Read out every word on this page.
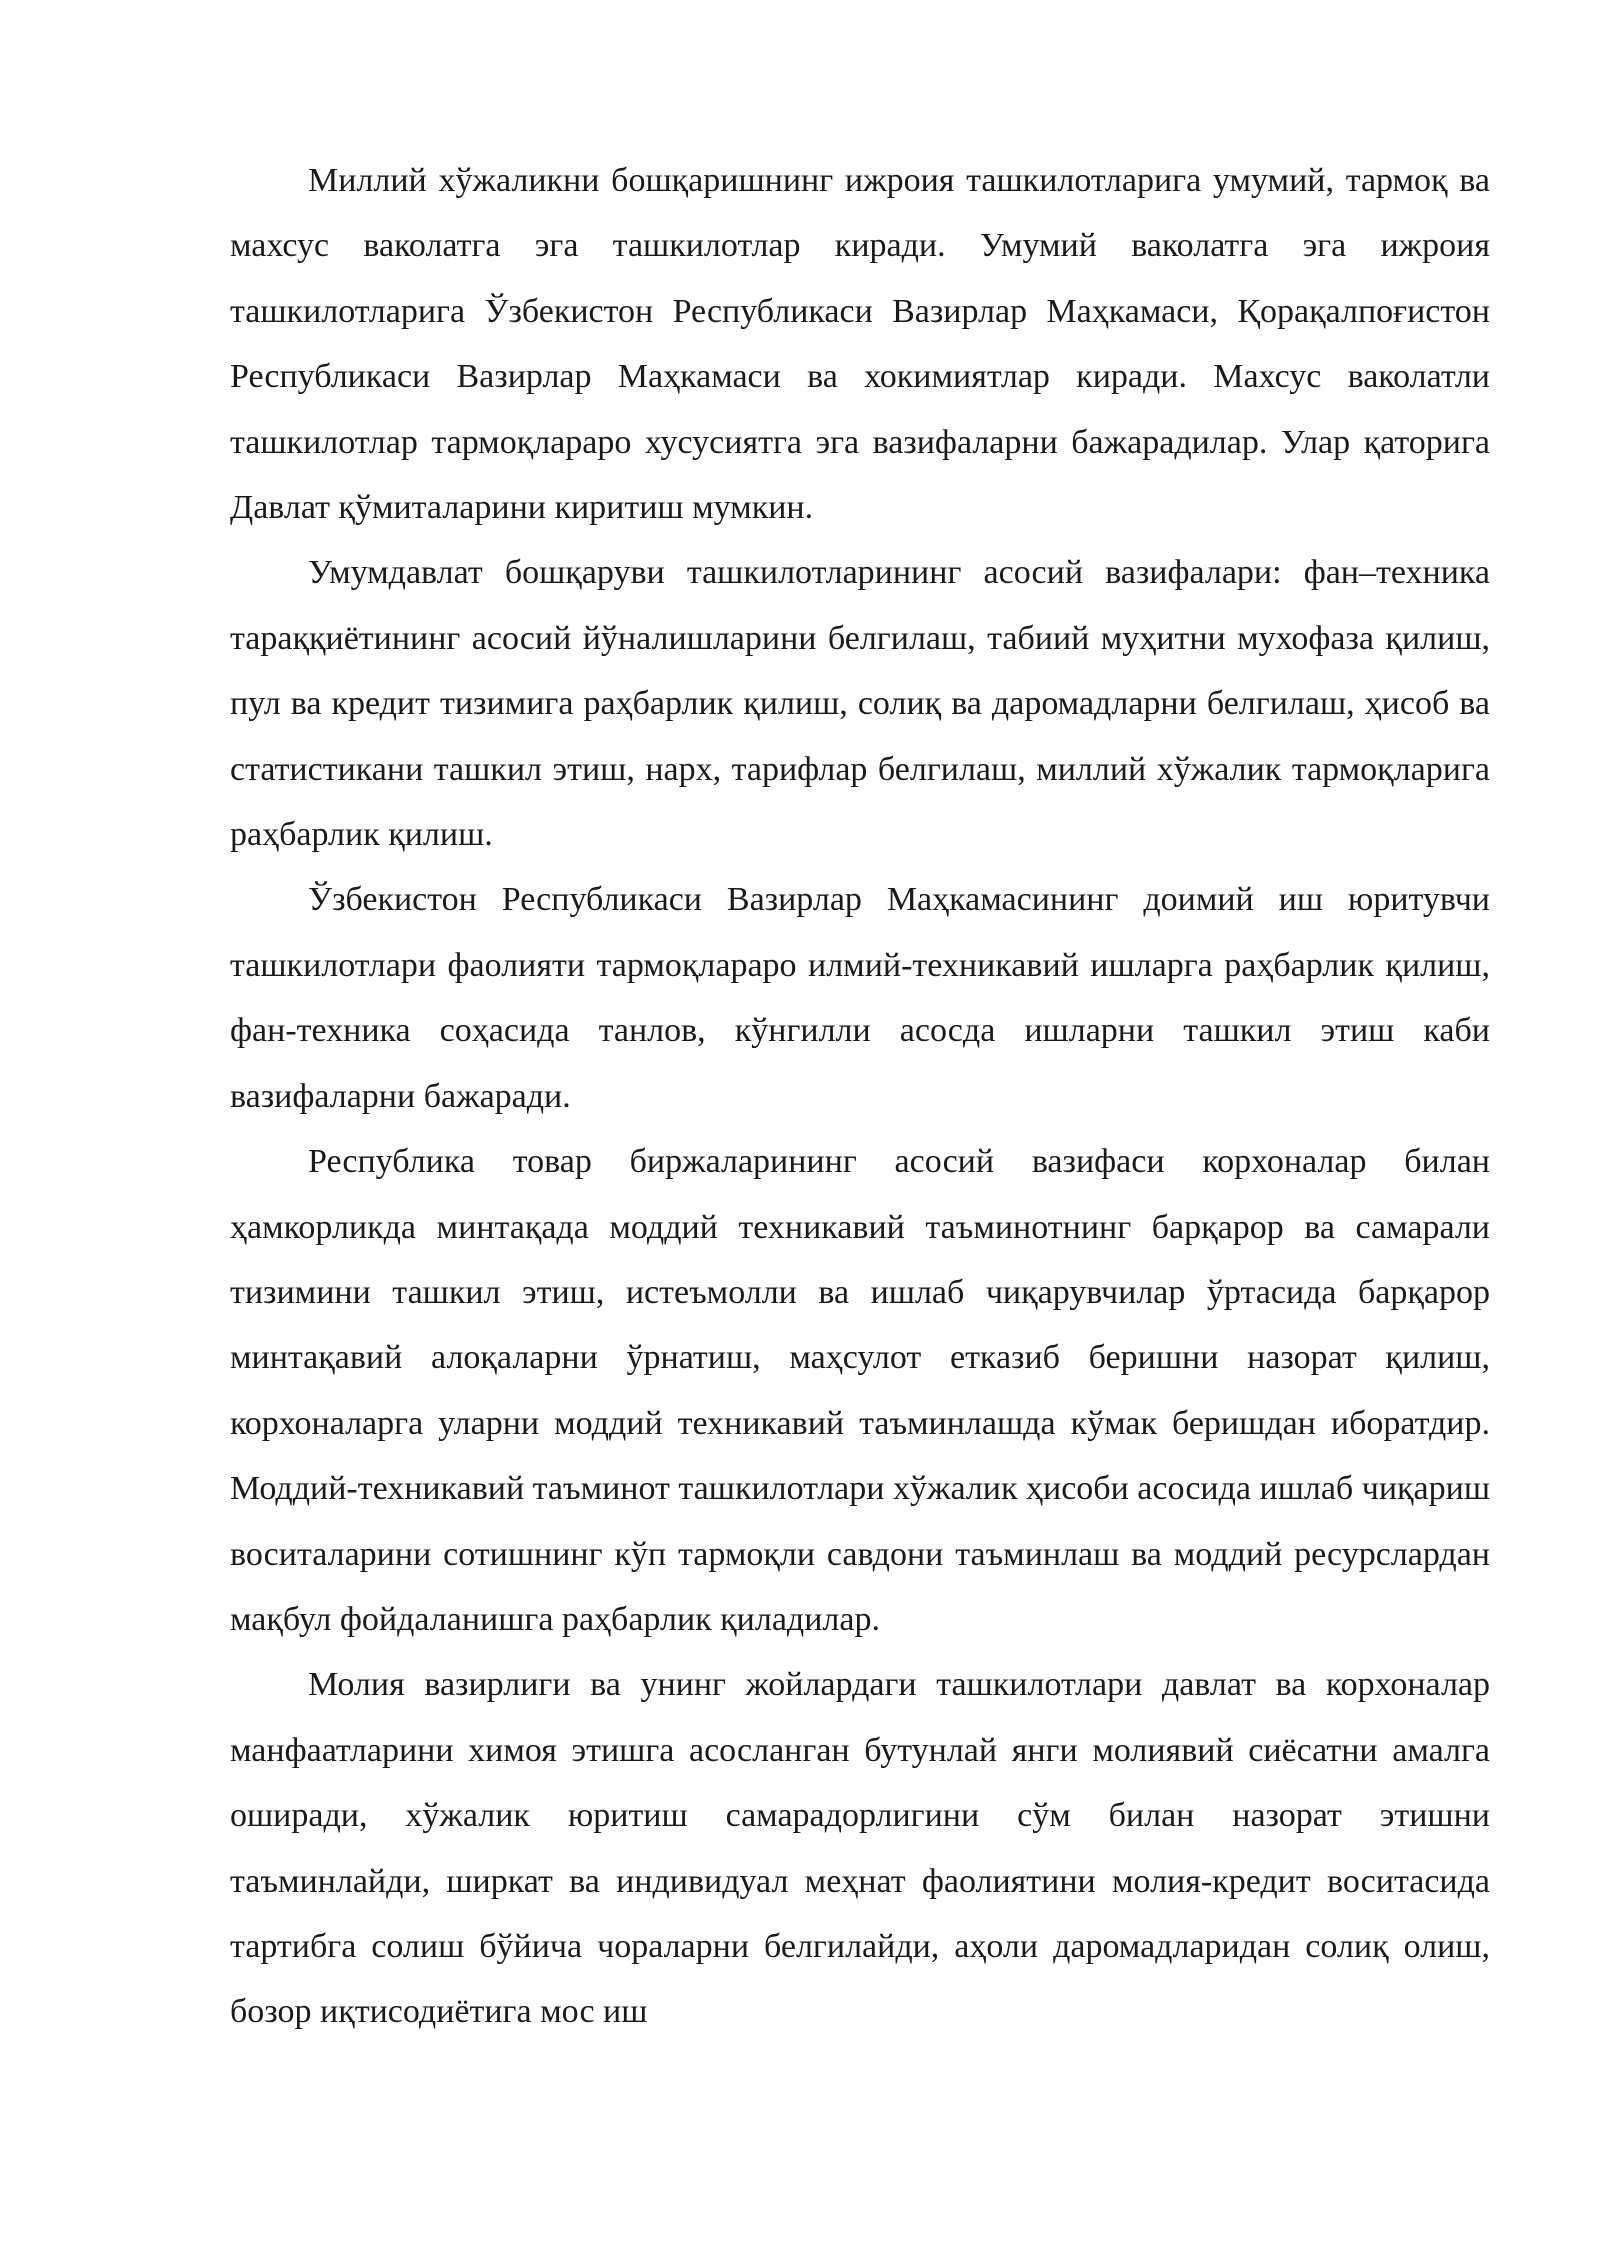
Миллий хўжаликни бошқаришнинг ижроия ташкилотларига умумий, тармоқ ва махсус ваколатга эга ташкилотлар киради. Умумий ваколатга эга ижроия ташкилотларига Ўзбекистон Республикаси Вазирлар Маҳкамаси, Қорақалпоғистон Республикаси Вазирлар Маҳкамаси ва хокимиятлар киради. Махсус ваколатли ташкилотлар тармоқлараро хусусиятга эга вазифаларни бажарадилар. Улар қаторига Давлат қўмиталарини киритиш мумкин.

Умумдавлат бошқаруви ташкилотларининг асосий вазифалари: фан–техника тараққиётининг асосий йўналишларини белгилаш, табиий муҳитни мухофаза қилиш, пул ва кредит тизимига раҳбарлик қилиш, солиқ ва даромадларни белгилаш, ҳисоб ва статистикани ташкил этиш, нарх, тарифлар белгилаш, миллий хўжалик тармоқларига раҳбарлик қилиш.

Ўзбекистон Республикаси Вазирлар Маҳкамасининг доимий иш юритувчи ташкилотлари фаолияти тармоқлараро илмий-техникавий ишларга раҳбарлик қилиш, фан-техника соҳасида танлов, кўнгилли асосда ишларни ташкил этиш каби вазифаларни бажаради.

Республика товар биржаларининг асосий вазифаси корхоналар билан ҳамкорликда минтақада моддий техникавий таъминотнинг барқарор ва самарали тизимини ташкил этиш, истеъмолли ва ишлаб чиқарувчилар ўртасида барқарор минтақавий алоқаларни ўрнатиш, маҳсулот етказиб беришни назорат қилиш, корхоналарга уларни моддий техникавий таъминлашда кўмак беришдан иборатдир. Моддий-техникавий таъминот ташкилотлари хўжалик ҳисоби асосида ишлаб чиқариш воситаларини сотишнинг кўп тармоқли савдони таъминлаш ва моддий ресурслардан мақбул фойдаланишга раҳбарлик қиладилар.

Молия вазирлиги ва унинг жойлардаги ташкилотлари давлат ва корхоналар манфаатларини химоя этишга асосланган бутунлай янги молиявий сиёсатни амалга оширади, хўжалик юритиш самарадорлигини сўм билан назорат этишни таъминлайди, ширкат ва индивидуал меҳнат фаолиятини молия-кредит воситасида тартибга солиш бўйича чораларни белгилайди, аҳоли даромадларидан солиқ олиш, бозор иқтисодиётига мос иш
